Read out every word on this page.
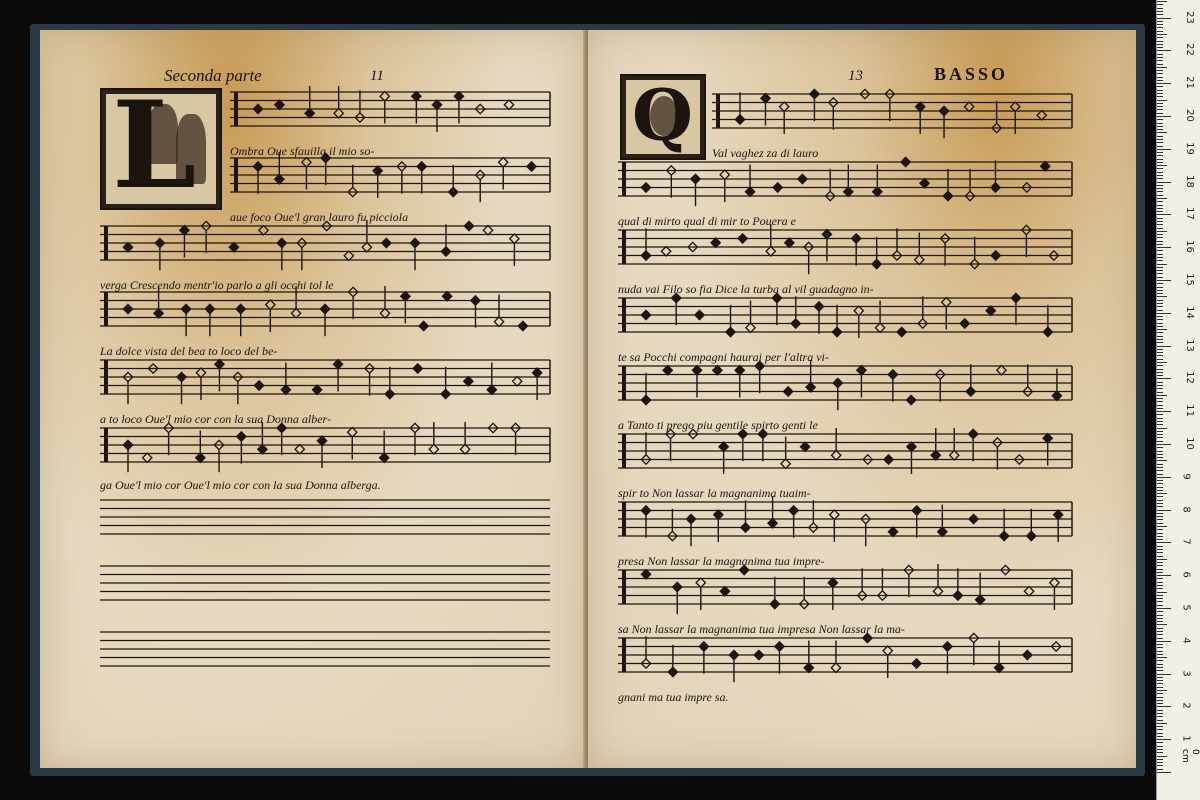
Seconda parte	11
L	Ombra Oue sfauilla il mio so-
aue foco Oue'l gran lauro fu picciola
verga Crescendo mentr'io parlo a gli occhi tol le
La dolce vista del bea to loco del be-
a to loco Oue'l mio cor con la sua Donna alber-
ga Oue'l mio cor Oue'l mio cor con la sua Donna alberga.
13	BASSO
Q Val vaghez za di lauro
qual di mirto qual di mir to Pouera e
nuda vai Filo so fia Dice la turba al vil guadagno in-
te sa Pocchi compagni haurai per l'altra vi-
a Tanto ti prego piu gentile spirto genti le
spir to Non lassar la magnanima tuaim-
presa Non lassar la magnanima tua impre-
sa Non lassar la magnanima tua impresa Non lassar la ma-
gnani ma tua impre sa.
0 cm
1
2
3
4
5
6
7
8
9
10
11
12
13
14
15
16
17
18
19
20
21
22
23
